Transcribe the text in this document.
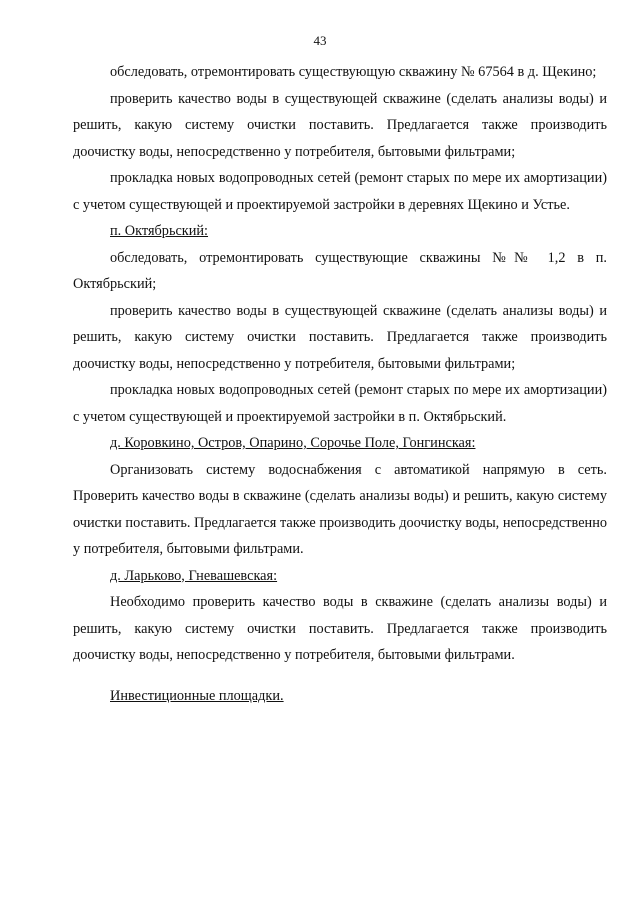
43

обследовать, отремонтировать существующую скважину № 67564 в д. Щекино;

проверить качество воды в существующей скважине (сделать анализы воды) и решить, какую систему очистки поставить. Предлагается также производить доочистку воды, непосредственно у потребителя, бытовыми фильтрами;

прокладка новых водопроводных сетей (ремонт старых по мере их амортизации) с учетом существующей и проектируемой застройки в деревнях Щекино и Устье.

п. Октябрьский:

обследовать, отремонтировать существующие скважины №№ 1,2 в п. Октябрьский;

проверить качество воды в существующей скважине (сделать анализы воды) и решить, какую систему очистки поставить. Предлагается также производить доочистку воды, непосредственно у потребителя, бытовыми фильтрами;

прокладка новых водопроводных сетей (ремонт старых по мере их амортизации) с учетом существующей и проектируемой застройки в п. Октябрьский.

д. Коровкино, Остров, Опарино, Сорочье Поле, Гонгинская:

Организовать систему водоснабжения с автоматикой напрямую в сеть. Проверить качество воды в скважине (сделать анализы воды) и решить, какую систему очистки поставить. Предлагается также производить доочистку воды, непосредственно у потребителя, бытовыми фильтрами.

д. Ларьково, Гневашевская:

Необходимо проверить качество воды в скважине (сделать анализы воды) и решить, какую систему очистки поставить. Предлагается также производить доочистку воды, непосредственно у потребителя, бытовыми фильтрами.

Инвестиционные площадки.
